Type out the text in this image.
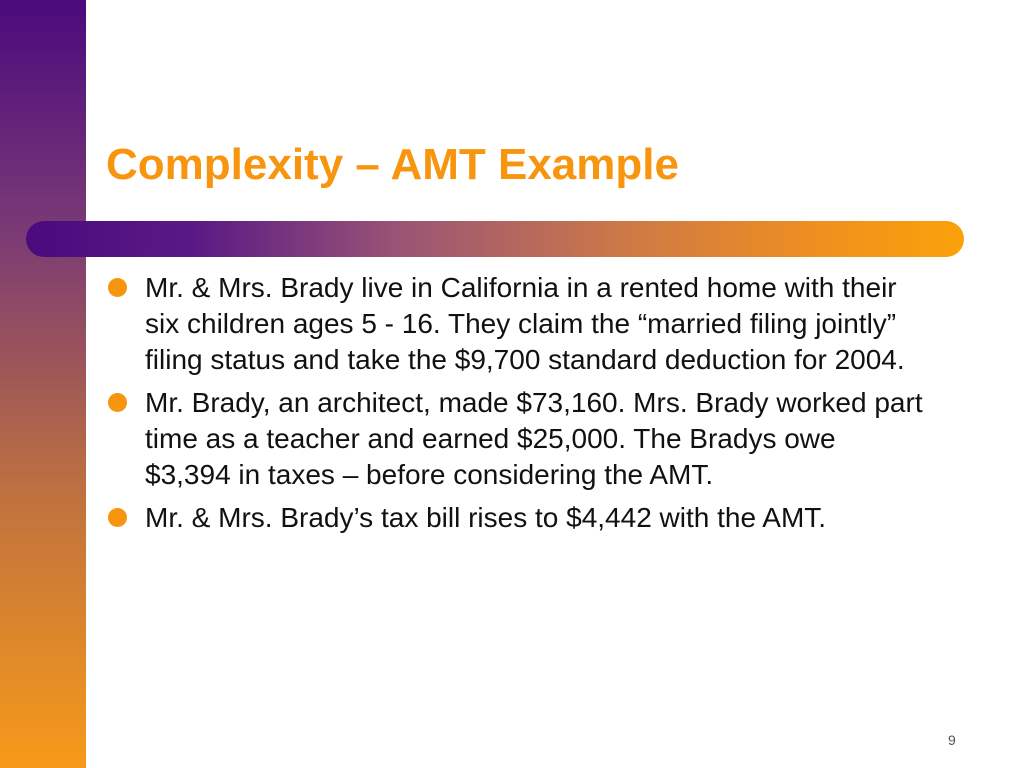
Complexity – AMT Example
Mr. & Mrs. Brady live in California in a rented home with their six children ages 5 - 16. They claim the “married filing jointly” filing status and take the $9,700 standard deduction for 2004.
Mr. Brady, an architect, made $73,160. Mrs. Brady worked part time as a teacher and earned $25,000. The Bradys owe $3,394 in taxes – before considering the AMT.
Mr. & Mrs. Brady’s tax bill rises to $4,442 with the AMT.
9
